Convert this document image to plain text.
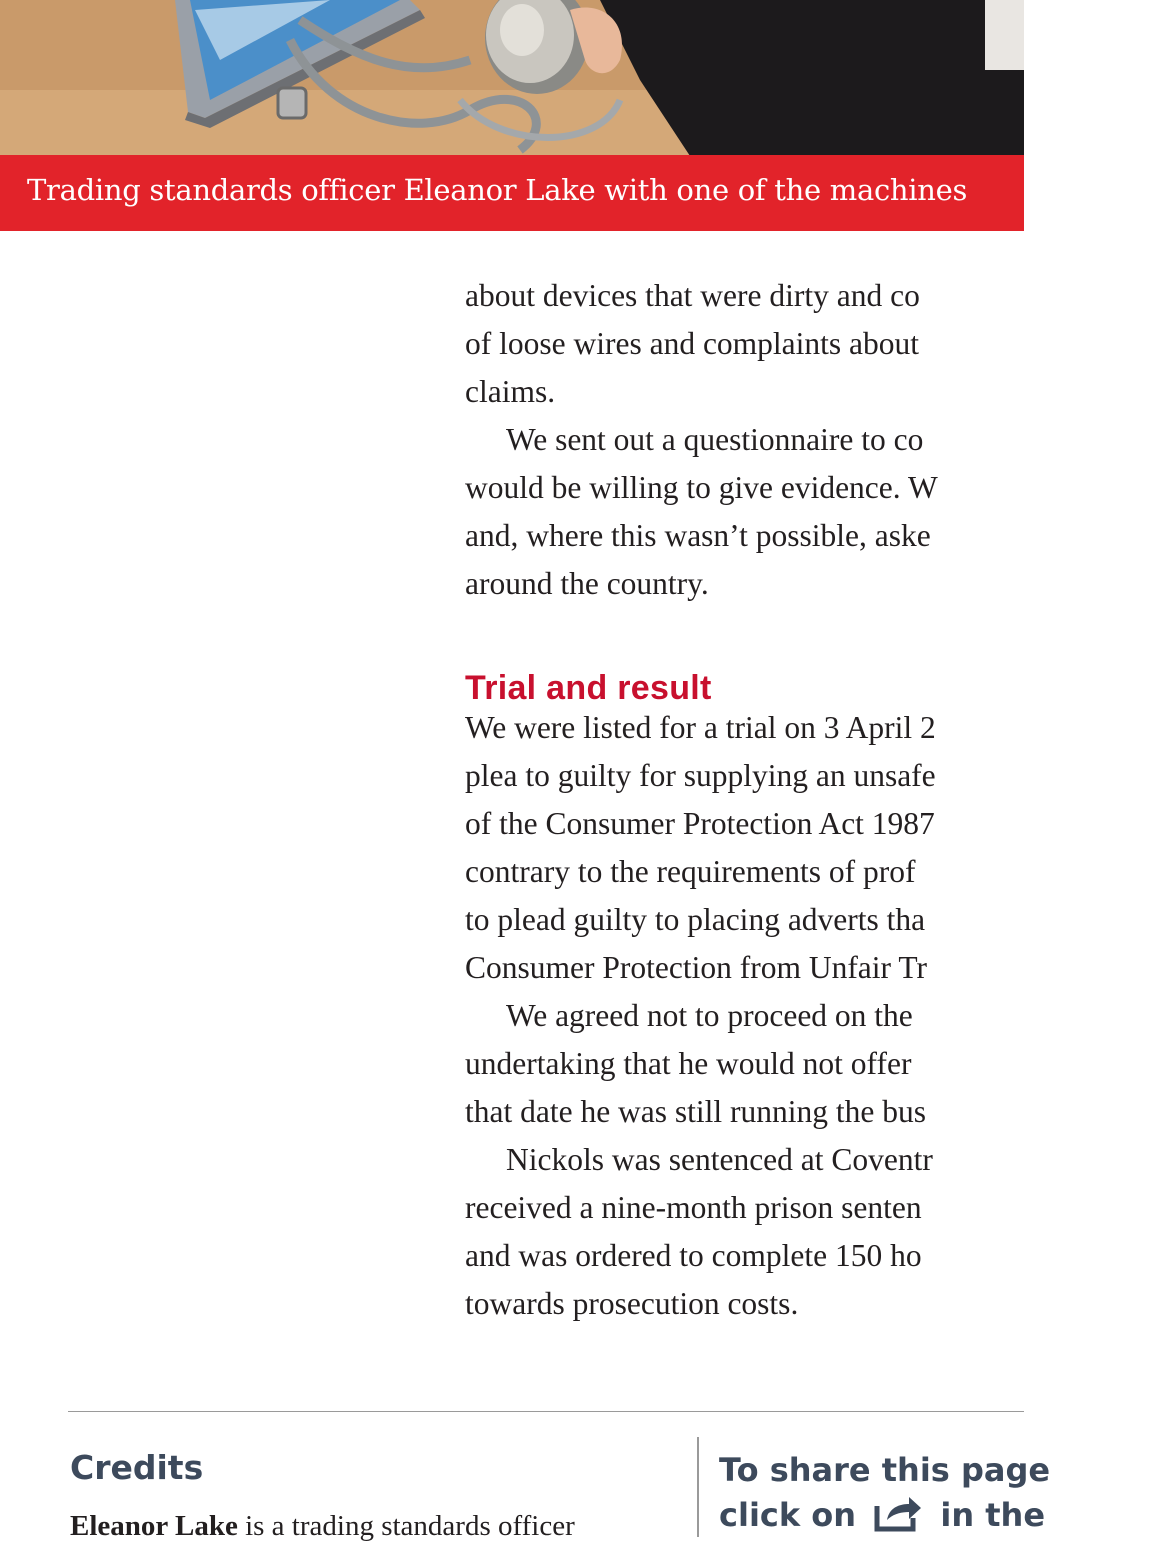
Trading standards officer Eleanor Lake with one of the machines

about devices that were dirty and co
of loose wires and complaints about
claims.
We sent out a questionnaire to co
would be willing to give evidence. W
and, where this wasn’t possible, aske
around the country.
Trial and result
We were listed for a trial on 3 April 2
plea to guilty for supplying an unsafe
of the Consumer Protection Act 1987
contrary to the requirements of prof
to plead guilty to placing adverts tha
Consumer Protection from Unfair Tr
We agreed not to proceed on the
undertaking that he would not offer
that date he was still running the bus
Nickols was sentenced at Coventr
received a nine-month prison senten
and was ordered to complete 150 ho
towards prosecution costs.
Credits

Eleanor Lake is a trading standards officer

To share this page
click on	in the
